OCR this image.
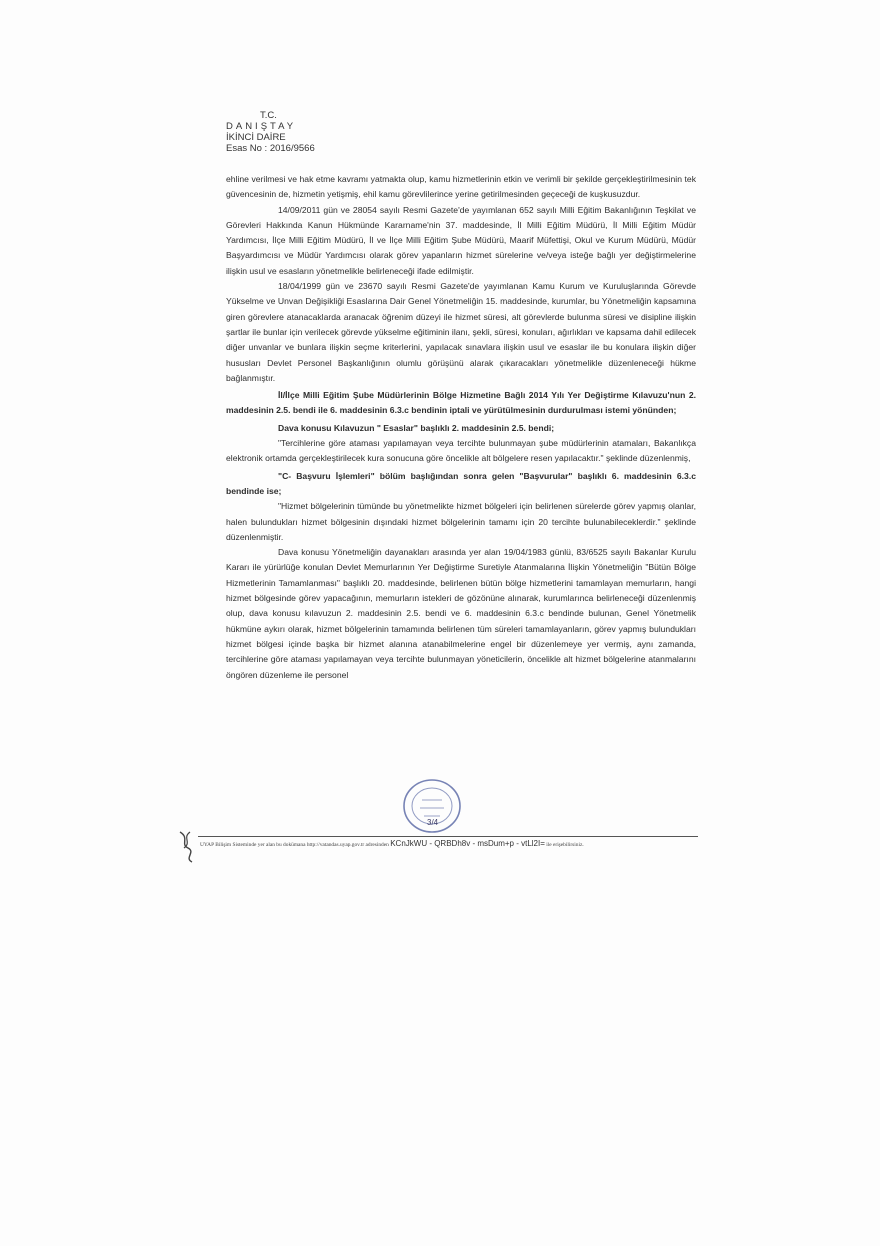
T.C.
DANIŞTAY
İKİNCİ DAİRE
Esas No : 2016/9566

ehline verilmesi ve hak etme kavramı yatmakta olup, kamu hizmetlerinin etkin ve verimli bir şekilde gerçekleştirilmesinin tek güvencesinin de, hizmetin yetişmiş, ehil kamu görevlilerince yerine getirilmesinden geçeceği de kuşkusuzdur.

14/09/2011 gün ve 28054 sayılı Resmi Gazete'de yayımlanan 652 sayılı Milli Eğitim Bakanlığının Teşkilat ve Görevleri Hakkında Kanun Hükmünde Kararname'nin 37. maddesinde, İl Milli Eğitim Müdürü, İl Milli Eğitim Müdür Yardımcısı, İlçe Milli Eğitim Müdürü, İl ve İlçe Milli Eğitim Şube Müdürü, Maarif Müfettişi, Okul ve Kurum Müdürü, Müdür Başyardımcısı ve Müdür Yardımcısı olarak görev yapanların hizmet sürelerine ve/veya isteğe bağlı yer değiştirmelerine ilişkin usul ve esasların yönetmelikle belirleneceği ifade edilmiştir.

18/04/1999 gün ve 23670 sayılı Resmi Gazete'de yayımlanan Kamu Kurum ve Kuruluşlarında Görevde Yükselme ve Unvan Değişikliği Esaslarına Dair Genel Yönetmeliğin 15. maddesinde, kurumlar, bu Yönetmeliğin kapsamına giren görevlere atanacaklarda aranacak öğrenim düzeyi ile hizmet süresi, alt görevlerde bulunma süresi ve disipline ilişkin şartlar ile bunlar için verilecek görevde yükselme eğitiminin ilanı, şekli, süresi, konuları, ağırlıkları ve kapsama dahil edilecek diğer unvanlar ve bunlara ilişkin seçme kriterlerini, yapılacak sınavlara ilişkin usul ve esaslar ile bu konulara ilişkin diğer hususları Devlet Personel Başkanlığının olumlu görüşünü alarak çıkaracakları yönetmelikle düzenleneceği hükme bağlanmıştır.

İl/İlçe Milli Eğitim Şube Müdürlerinin Bölge Hizmetine Bağlı 2014 Yılı Yer Değiştirme Kılavuzu'nun 2. maddesinin 2.5. bendi ile 6. maddesinin 6.3.c bendinin iptali ve yürütülmesinin durdurulması istemi yönünden;

Dava konusu Kılavuzun " Esaslar" başlıklı 2. maddesinin 2.5. bendi;

"Tercihlerine göre ataması yapılamayan veya tercihte bulunmayan şube müdürlerinin atamaları, Bakanlıkça elektronik ortamda gerçekleştirilecek kura sonucuna göre öncelikle alt bölgelere resen yapılacaktır." şeklinde düzenlenmiş,

"C- Başvuru İşlemleri" bölüm başlığından sonra gelen "Başvurular" başlıklı 6. maddesinin 6.3.c bendinde ise;

"Hizmet bölgelerinin tümünde bu yönetmelikte hizmet bölgeleri için belirlenen sürelerde görev yapmış olanlar, halen bulundukları hizmet bölgesinin dışındaki hizmet bölgelerinin tamamı için 20 tercihte bulunabileceklerdir." şeklinde düzenlenmiştir.

Dava konusu Yönetmeliğin dayanakları arasında yer alan 19/04/1983 günlü, 83/6525 sayılı Bakanlar Kurulu Kararı ile yürürlüğe konulan Devlet Memurlarının Yer Değiştirme Suretiyle Atanmalarına İlişkin Yönetmeliğin "Bütün Bölge Hizmetlerinin Tamamlanması" başlıklı 20. maddesinde, belirlenen bütün bölge hizmetlerini tamamlayan memurların, hangi hizmet bölgesinde görev yapacağının, memurların istekleri de gözönüne alınarak, kurumlarınca belirleneceği düzenlenmiş olup, dava konusu kılavuzun 2. maddesinin 2.5. bendi ve 6. maddesinin 6.3.c bendinde bulunan, Genel Yönetmelik hükmüne aykırı olarak, hizmet bölgelerinin tamamında belirlenen tüm süreleri tamamlayanların, görev yapmış bulundukları hizmet bölgesi içinde başka bir hizmet alanına atanabilmelerine engel bir düzenlemeye yer vermiş, aynı zamanda, tercihlerine göre ataması yapılamayan veya tercihte bulunmayan yöneticilerin, öncelikle alt hizmet bölgelerine atanmalarını öngören düzenleme ile personel

3/4
UYAP Bilişim Sisteminde yer alan bu dokümana http://vatandas.uyap.gov.tr adresinden KCnJkWU - QRBDh8v - msDum+p - vtLl2I= ile erişebilirsiniz.
